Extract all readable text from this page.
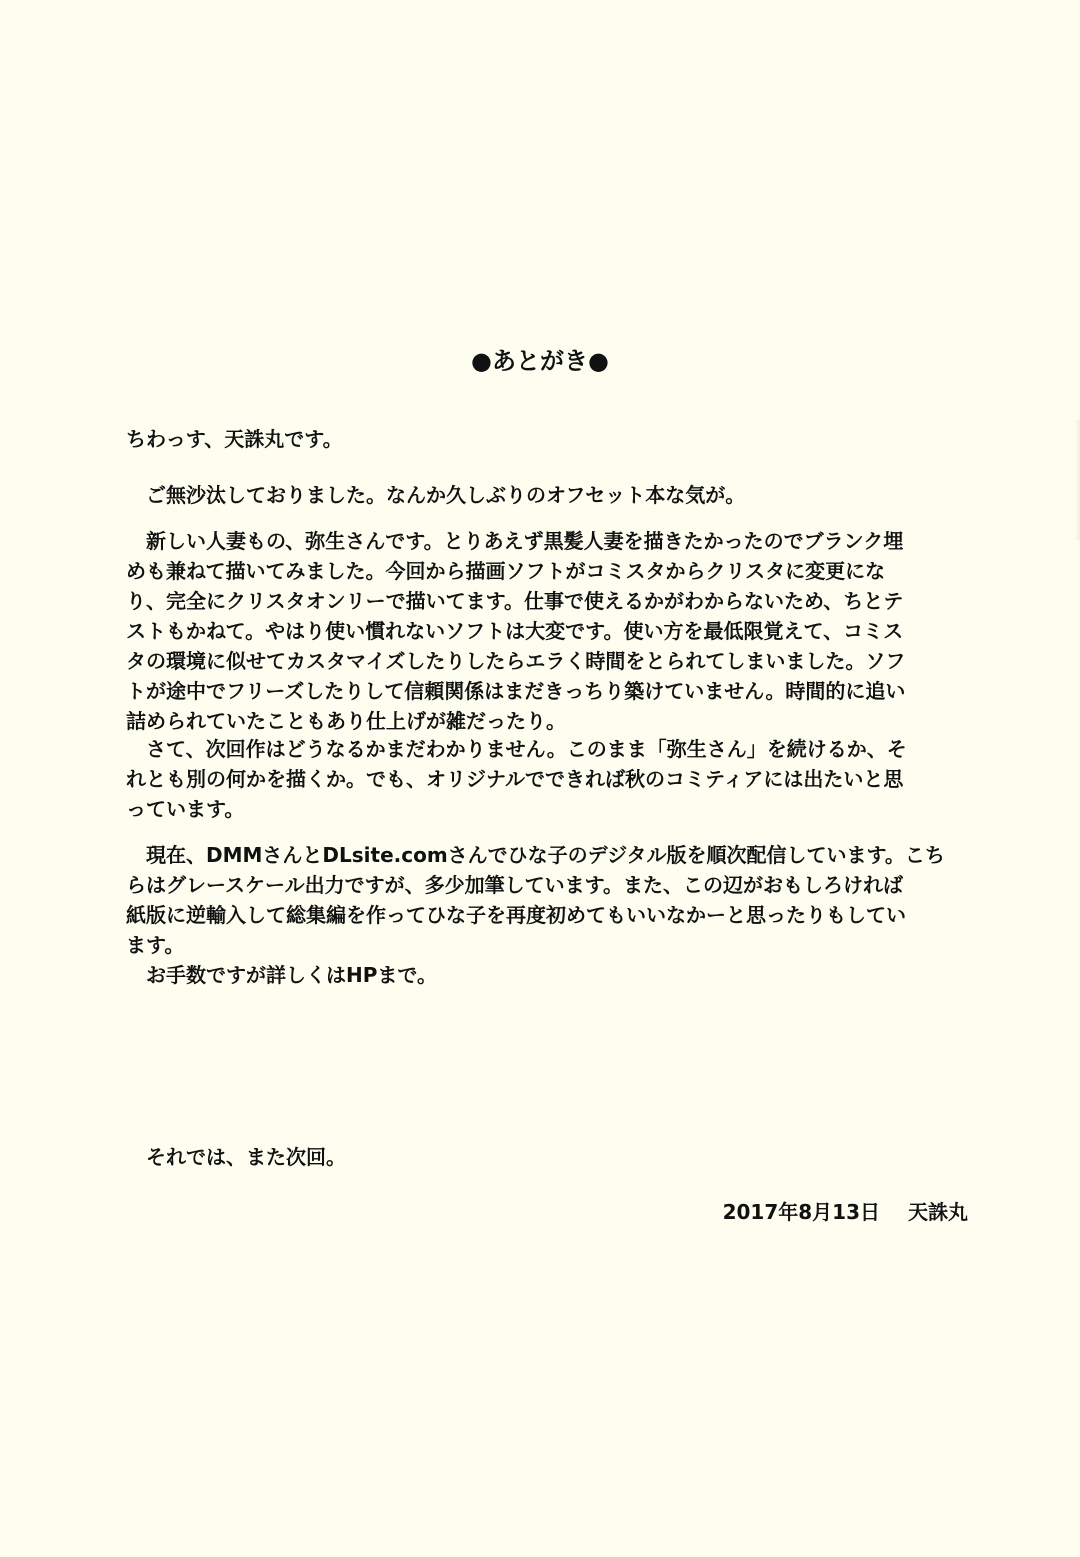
●あとがき●
ちわっす、天誅丸です。
　ご無沙汰しておりました。なんか久しぶりのオフセット本な気が。
　新しい人妻もの、弥生さんです。とりあえず黒髪人妻を描きたかったのでブランク埋
めも兼ねて描いてみました。今回から描画ソフトがコミスタからクリスタに変更にな
り、完全にクリスタオンリーで描いてます。仕事で使えるかがわからないため、ちとテ
ストもかねて。やはり使い慣れないソフトは大変です。使い方を最低限覚えて、コミス
タの環境に似せてカスタマイズしたりしたらエラく時間をとられてしまいました。ソフ
トが途中でフリーズしたりして信頼関係はまだきっちり築けていません。時間的に追い
詰められていたこともあり仕上げが雑だったり。
　さて、次回作はどうなるかまだわかりません。このまま「弥生さん」を続けるか、そ
れとも別の何かを描くか。でも、オリジナルでできれば秋のコミティアには出たいと思
っています。
　現在、DMMさんとDLsite.comさんでひな子のデジタル版を順次配信しています。こち
らはグレースケール出力ですが、多少加筆しています。また、この辺がおもしろければ
紙版に逆輸入して総集編を作ってひな子を再度初めてもいいなかーと思ったりもしてい
ます。
　お手数ですが詳しくはHPまで。
　それでは、また次回。
2017年8月13日 天誅丸
